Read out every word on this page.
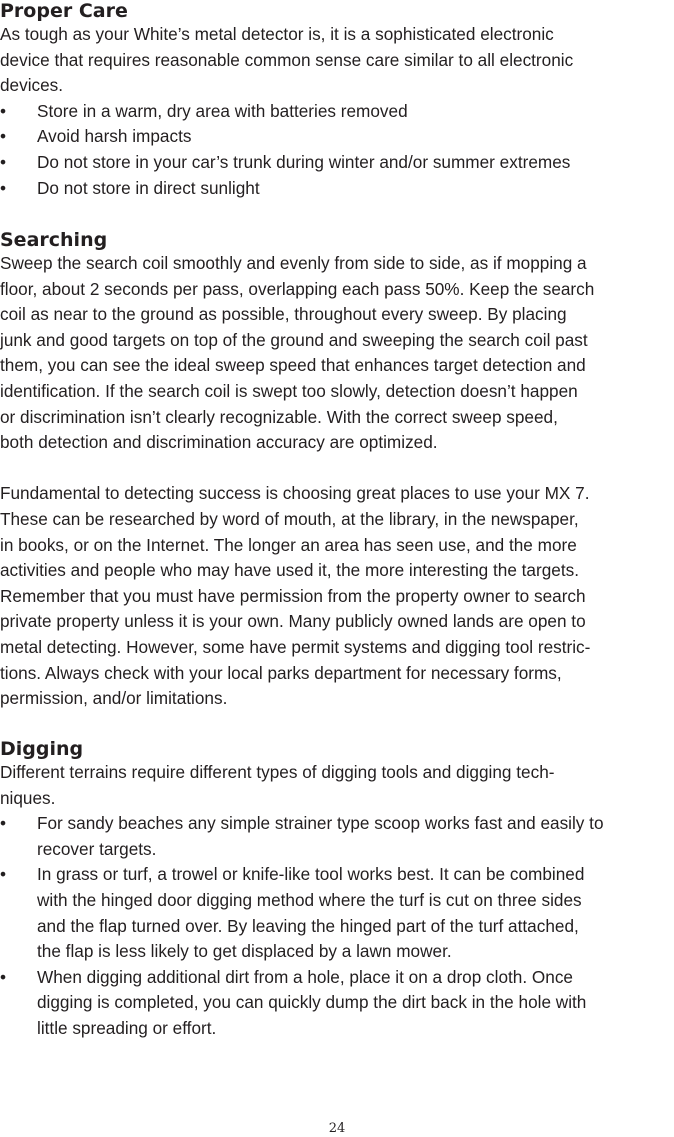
Proper Care
As tough as your White’s metal detector is, it is a sophisticated electronic
device that requires reasonable common sense care similar to all electronic
devices.
• Store in a warm, dry area with batteries removed
• Avoid harsh impacts
• Do not store in your car’s trunk during winter and/or summer extremes
• Do not store in direct sunlight
Searching
Sweep the search coil smoothly and evenly from side to side, as if mopping a
floor, about 2 seconds per pass, overlapping each pass 50%. Keep the search
coil as near to the ground as possible, throughout every sweep. By placing
junk and good targets on top of the ground and sweeping the search coil past
them, you can see the ideal sweep speed that enhances target detection and
identification. If the search coil is swept too slowly, detection doesn’t happen
or discrimination isn’t clearly recognizable. With the correct sweep speed,
both detection and discrimination accuracy are optimized.
Fundamental to detecting success is choosing great places to use your MX 7.
These can be researched by word of mouth, at the library, in the newspaper,
in books, or on the Internet. The longer an area has seen use, and the more
activities and people who may have used it, the more interesting the targets.
Remember that you must have permission from the property owner to search
private property unless it is your own. Many publicly owned lands are open to
metal detecting. However, some have permit systems and digging tool restric-
tions. Always check with your local parks department for necessary forms,
permission, and/or limitations.
Digging
Different terrains require different types of digging tools and digging tech-
niques.
• For sandy beaches any simple strainer type scoop works fast and easily to
recover targets.
• In grass or turf, a trowel or knife-like tool works best. It can be combined
with the hinged door digging method where the turf is cut on three sides
and the flap turned over. By leaving the hinged part of the turf attached,
the flap is less likely to get displaced by a lawn mower.
• When digging additional dirt from a hole, place it on a drop cloth. Once
digging is completed, you can quickly dump the dirt back in the hole with
little spreading or effort.
24
